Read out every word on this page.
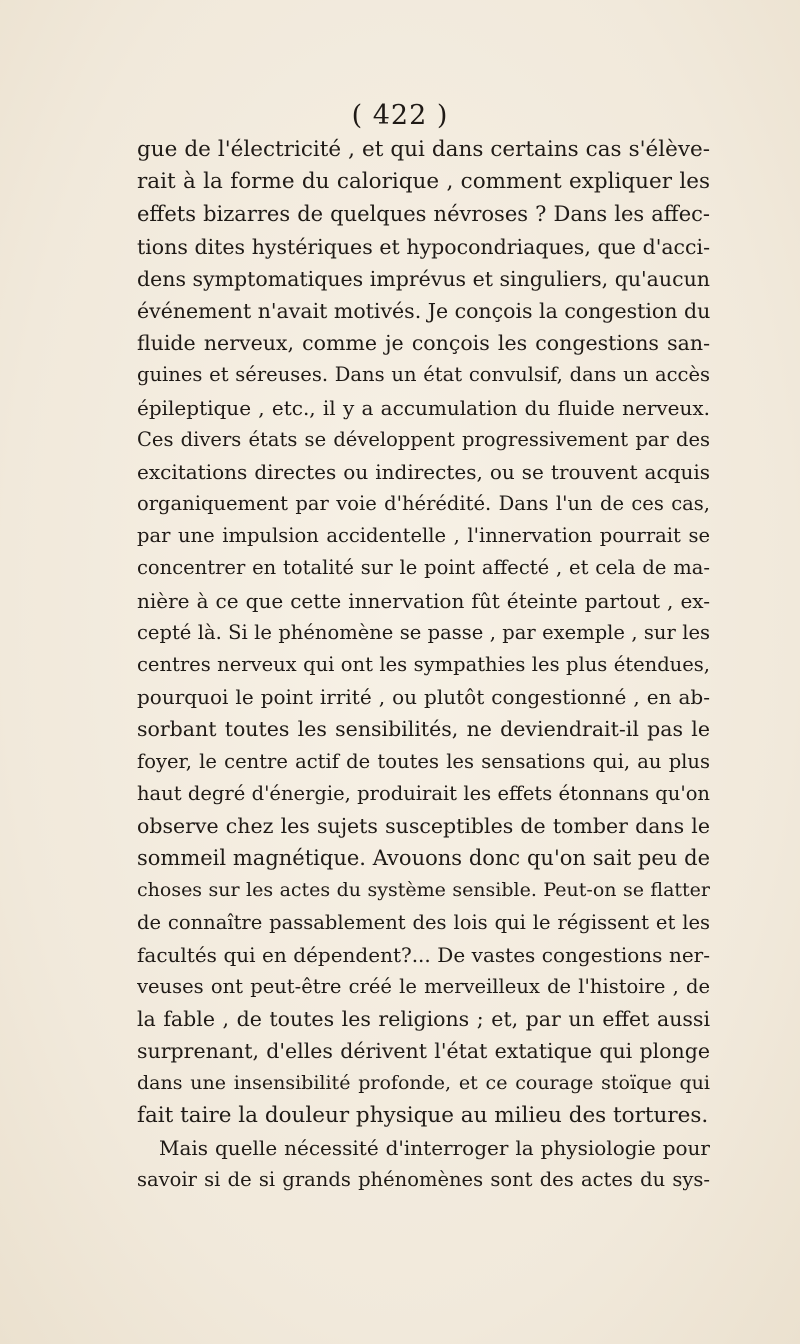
( 422 )
gue de l'électricité , et qui dans certains cas s'élève-
rait à la forme du calorique , comment expliquer les
effets bizarres de quelques névroses ? Dans les affec-
tions dites hystériques et hypocondriaques, que d'acci-
dens symptomatiques imprévus et singuliers, qu'aucun
événement n'avait motivés. Je conçois la congestion du
fluide nerveux, comme je conçois les congestions san-
guines et séreuses. Dans un état convulsif, dans un accès
épileptique , etc., il y a accumulation du fluide nerveux.
Ces divers états se développent progressivement par des
excitations directes ou indirectes, ou se trouvent acquis
organiquement par voie d'hérédité. Dans l'un de ces cas,
par une impulsion accidentelle , l'innervation pourrait se
concentrer en totalité sur le point affecté , et cela de ma-
nière à ce que cette innervation fût éteinte partout , ex-
cepté là. Si le phénomène se passe , par exemple , sur les
centres nerveux qui ont les sympathies les plus étendues,
pourquoi le point irrité , ou plutôt congestionné , en ab-
sorbant toutes les sensibilités, ne deviendrait-il pas le
foyer, le centre actif de toutes les sensations qui, au plus
haut degré d'énergie, produirait les effets étonnans qu'on
observe chez les sujets susceptibles de tomber dans le
sommeil magnétique. Avouons donc qu'on sait peu de
choses sur les actes du système sensible. Peut-on se flatter
de connaître passablement des lois qui le régissent et les
facultés qui en dépendent?... De vastes congestions ner-
veuses ont peut-être créé le merveilleux de l'histoire , de
la fable , de toutes les religions ; et, par un effet aussi
surprenant, d'elles dérivent l'état extatique qui plonge
dans une insensibilité profonde, et ce courage stoïque qui
fait taire la douleur physique au milieu des tortures.
Mais quelle nécessité d'interroger la physiologie pour
savoir si de si grands phénomènes sont des actes du sys-
